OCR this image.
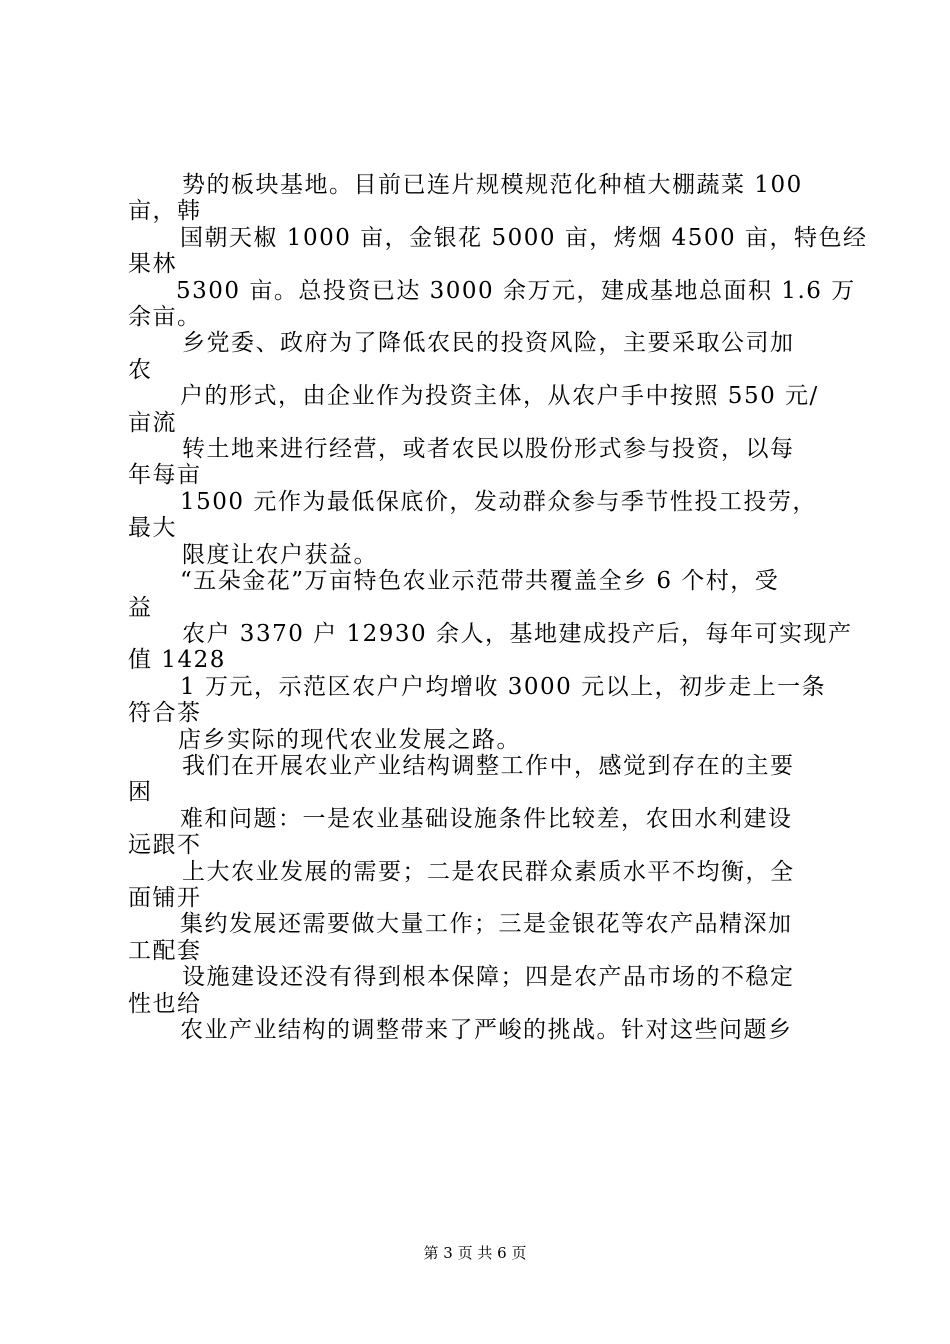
势的板块基地。目前已连片规模规范化种植大棚蔬菜 100
亩，韩
国朝天椒 1000 亩，金银花 5000 亩，烤烟 4500 亩，特色经
果林
5300 亩。总投资已达 3000 余万元，建成基地总面积 1.6 万
余亩。
乡党委、政府为了降低农民的投资风险，主要采取公司加
农
户的形式，由企业作为投资主体，从农户手中按照 550 元/
亩流
转土地来进行经营，或者农民以股份形式参与投资，以每
年每亩
1500 元作为最低保底价，发动群众参与季节性投工投劳，
最大
限度让农户获益。
“五朵金花”万亩特色农业示范带共覆盖全乡 6 个村，受
益
农户 3370 户 12930 余人，基地建成投产后，每年可实现产
值 1428
1 万元，示范区农户户均增收 3000 元以上，初步走上一条
符合茶
店乡实际的现代农业发展之路。
我们在开展农业产业结构调整工作中，感觉到存在的主要
困
难和问题：一是农业基础设施条件比较差，农田水利建设
远跟不
上大农业发展的需要；二是农民群众素质水平不均衡，全
面铺开
集约发展还需要做大量工作；三是金银花等农产品精深加
工配套
设施建设还没有得到根本保障；四是农产品市场的不稳定
性也给
农业产业结构的调整带来了严峻的挑战。针对这些问题乡
第 3 页 共 6 页
